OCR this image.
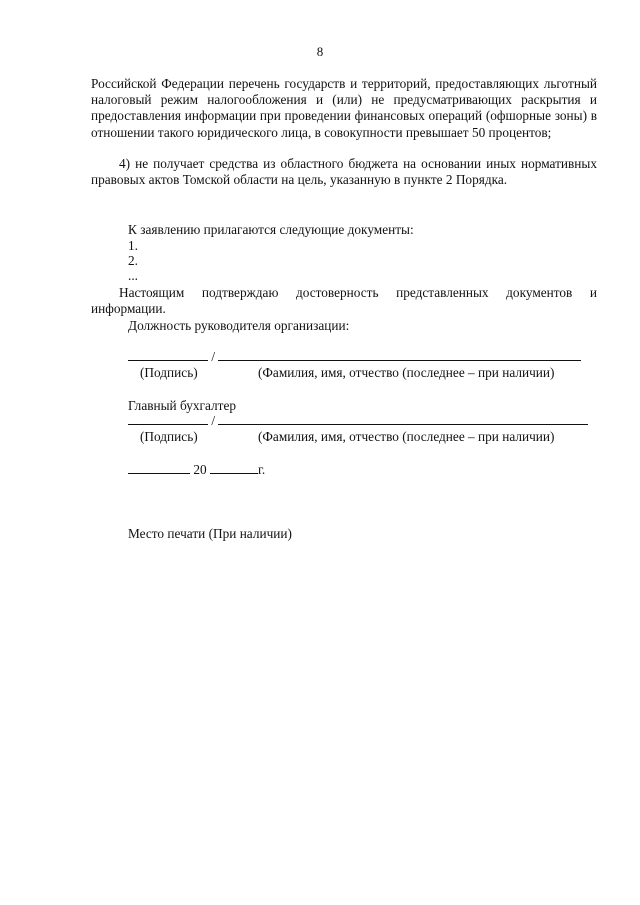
8
Российской Федерации перечень государств и территорий, предоставляющих льготный налоговый режим налогообложения и (или) не предусматривающих раскрытия и предоставления информации при проведении финансовых операций (офшорные зоны) в отношении такого юридического лица, в совокупности превышает 50 процентов;
4) не получает средства из областного бюджета на основании иных нормативных правовых актов Томской области на цель, указанную в пункте 2 Порядка.
К заявлению прилагаются следующие документы:
1.
2.
...
Настоящим подтверждаю достоверность представленных документов и информации.
Должность руководителя организации:
/
(Подпись)	(Фамилия, имя, отчество (последнее – при наличии)
Главный бухгалтер
/
(Подпись)	(Фамилия, имя, отчество (последнее – при наличии)
20	г.
Место печати (При наличии)
